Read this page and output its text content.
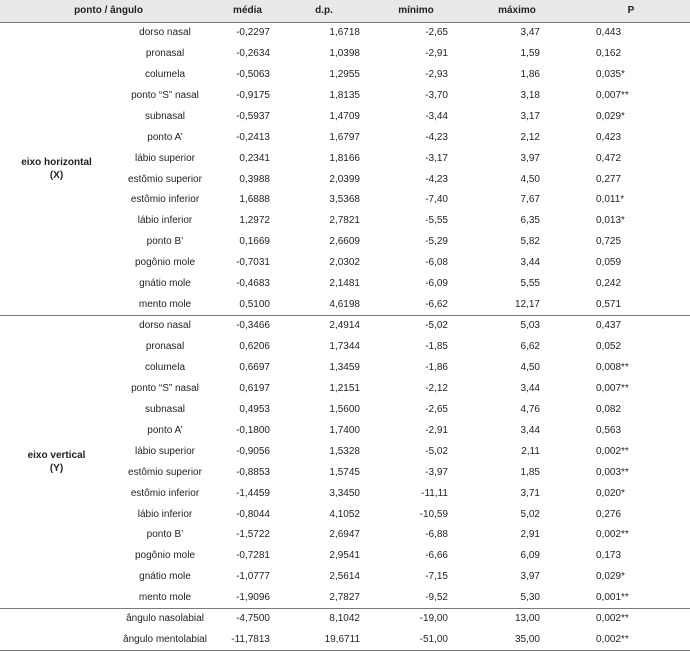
ponto / ângulo		média	d.p.	mínimo	máximo	P
eixo horizontal
(X)	dorso nasal	-0,2297	1,6718	-2,65	3,47	0,443
	pronasal	-0,2634	1,0398	-2,91	1,59	0,162
	columela	-0,5063	1,2955	-2,93	1,86	0,035*
	ponto “S” nasal	-0,9175	1,8135	-3,70	3,18	0,007**
	subnasal	-0,5937	1,4709	-3,44	3,17	0,029*
	ponto A’	-0,2413	1,6797	-4,23	2,12	0,423
	lábio superior	0,2341	1,8166	-3,17	3,97	0,472
	estômio superior	0,3988	2,0399	-4,23	4,50	0,277
	estômio inferior	1,6888	3,5368	-7,40	7,67	0,011*
	lábio inferior	1,2972	2,7821	-5,55	6,35	0,013*
	ponto B’	0,1669	2,6609	-5,29	5,82	0,725
	pogônio mole	-0,7031	2,0302	-6,08	3,44	0,059
	gnátio mole	-0,4683	2,1481	-6,09	5,55	0,242
	mento mole	0,5100	4,6198	-6,62	12,17	0,571
eixo vertical
(Y)	dorso nasal	-0,3466	2,4914	-5,02	5,03	0,437
	pronasal	0,6206	1,7344	-1,85	6,62	0,052
	columela	0,6697	1,3459	-1,86	4,50	0,008**
	ponto “S” nasal	0,6197	1,2151	-2,12	3,44	0,007**
	subnasal	0,4953	1,5600	-2,65	4,76	0,082
	ponto A’	-0,1800	1,7400	-2,91	3,44	0,563
	lábio superior	-0,9056	1,5328	-5,02	2,11	0,002**
	estômio superior	-0,8853	1,5745	-3,97	1,85	0,003**
	estômio inferior	-1,4459	3,3450	-11,11	3,71	0,020*
	lábio inferior	-0,8044	4,1052	-10,59	5,02	0,276
	ponto B’	-1,5722	2,6947	-6,88	2,91	0,002**
	pogônio mole	-0,7281	2,9541	-6,66	6,09	0,173
	gnátio mole	-1,0777	2,5614	-7,15	3,97	0,029*
	mento mole	-1,9096	2,7827	-9,52	5,30	0,001**
	ângulo nasolabial	-4,7500	8,1042	-19,00	13,00	0,002**
	ângulo mentolabial	-11,7813	19,6711	-51,00	35,00	0,002**
